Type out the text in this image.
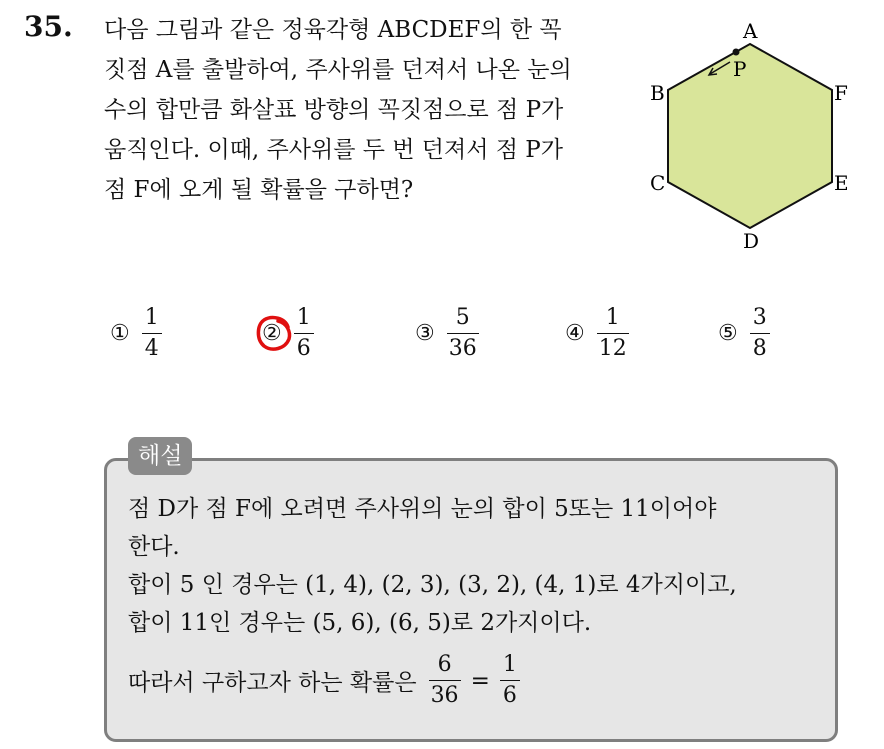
35. 다음 그림과 같은 정육각형 ABCDEF의 한 꼭
짓점 A를 출발하여, 주사위를 던져서 나온 눈의
수의 합만큼 화살표 방향의 꼭짓점으로 점 P가
움직인다. 이때, 주사위를 두 번 던져서 점 P가
점 F에 오게 될 확률을 구하면?
P
A
B
C
D
E
F
① $\frac{1}{4}$	② $\frac{1}{6}$	③ $\frac{5}{36}$	④ $\frac{1}{12}$	⑤ $\frac{3}{8}$
해설
점 D가 점 F에 오려면 주사위의 눈의 합이 5또는 11이어야
한다.
합이 5 인 경우는 (1, 4), (2, 3), (3, 2), (4, 1)로 4가지이고,
합이 11인 경우는 (5, 6), (6, 5)로 2가지이다.
따라서 구하고자 하는 확률은 $\frac{6}{36} = \frac{1}{6}$
